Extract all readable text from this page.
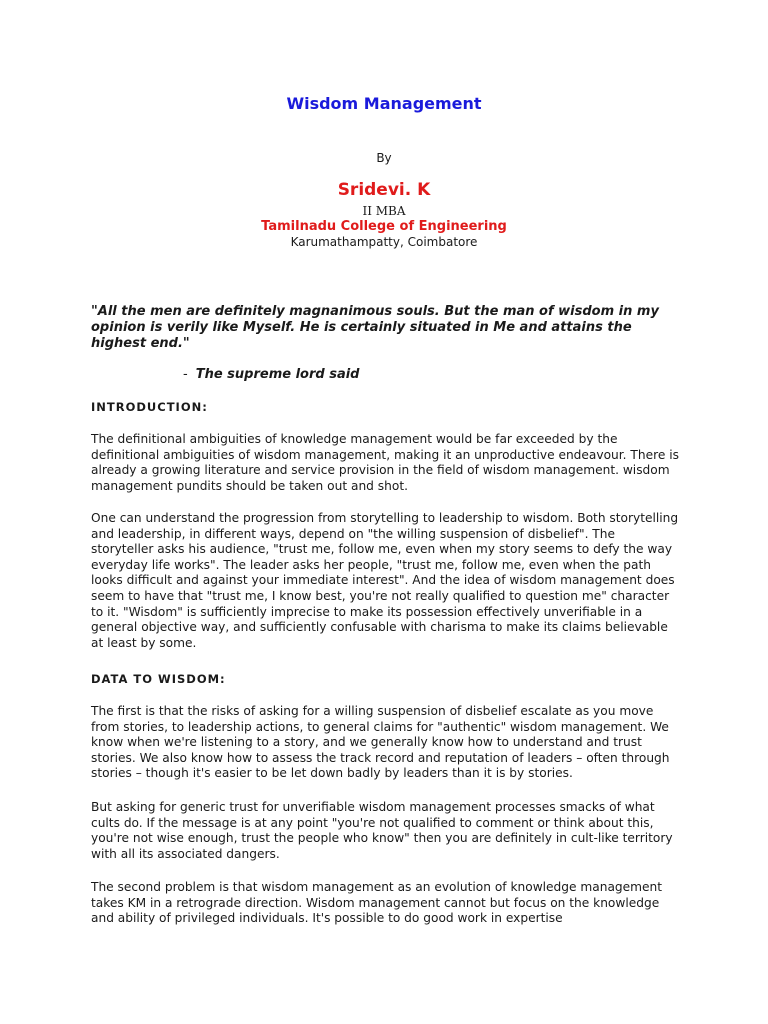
Wisdom Management
By
Sridevi. K
II MBA
Tamilnadu College of Engineering
Karumathampatty, Coimbatore
"All the men are definitely magnanimous souls. But the man of wisdom in my opinion is verily like Myself. He is certainly situated in Me and attains the highest end."
- The supreme lord said
INTRODUCTION:
The definitional ambiguities of knowledge management would be far exceeded by the definitional ambiguities of wisdom management, making it an unproductive endeavour. There is already a growing literature and service provision in the field of wisdom management. wisdom management pundits should be taken out and shot.
One can understand the progression from storytelling to leadership to wisdom. Both storytelling and leadership, in different ways, depend on "the willing suspension of disbelief". The storyteller asks his audience, "trust me, follow me, even when my story seems to defy the way everyday life works". The leader asks her people, "trust me, follow me, even when the path looks difficult and against your immediate interest". And the idea of wisdom management does seem to have that "trust me, I know best, you're not really qualified to question me" character to it. "Wisdom" is sufficiently imprecise to make its possession effectively unverifiable in a general objective way, and sufficiently confusable with charisma to make its claims believable at least by some.
DATA TO WISDOM:
The first is that the risks of asking for a willing suspension of disbelief escalate as you move from stories, to leadership actions, to general claims for "authentic" wisdom management. We know when we're listening to a story, and we generally know how to understand and trust stories. We also know how to assess the track record and reputation of leaders – often through stories – though it's easier to be let down badly by leaders than it is by stories.
But asking for generic trust for unverifiable wisdom management processes smacks of what cults do. If the message is at any point "you're not qualified to comment or think about this, you're not wise enough, trust the people who know" then you are definitely in cult-like territory with all its associated dangers.
The second problem is that wisdom management as an evolution of knowledge management takes KM in a retrograde direction. Wisdom management cannot but focus on the knowledge and ability of privileged individuals. It's possible to do good work in expertise
